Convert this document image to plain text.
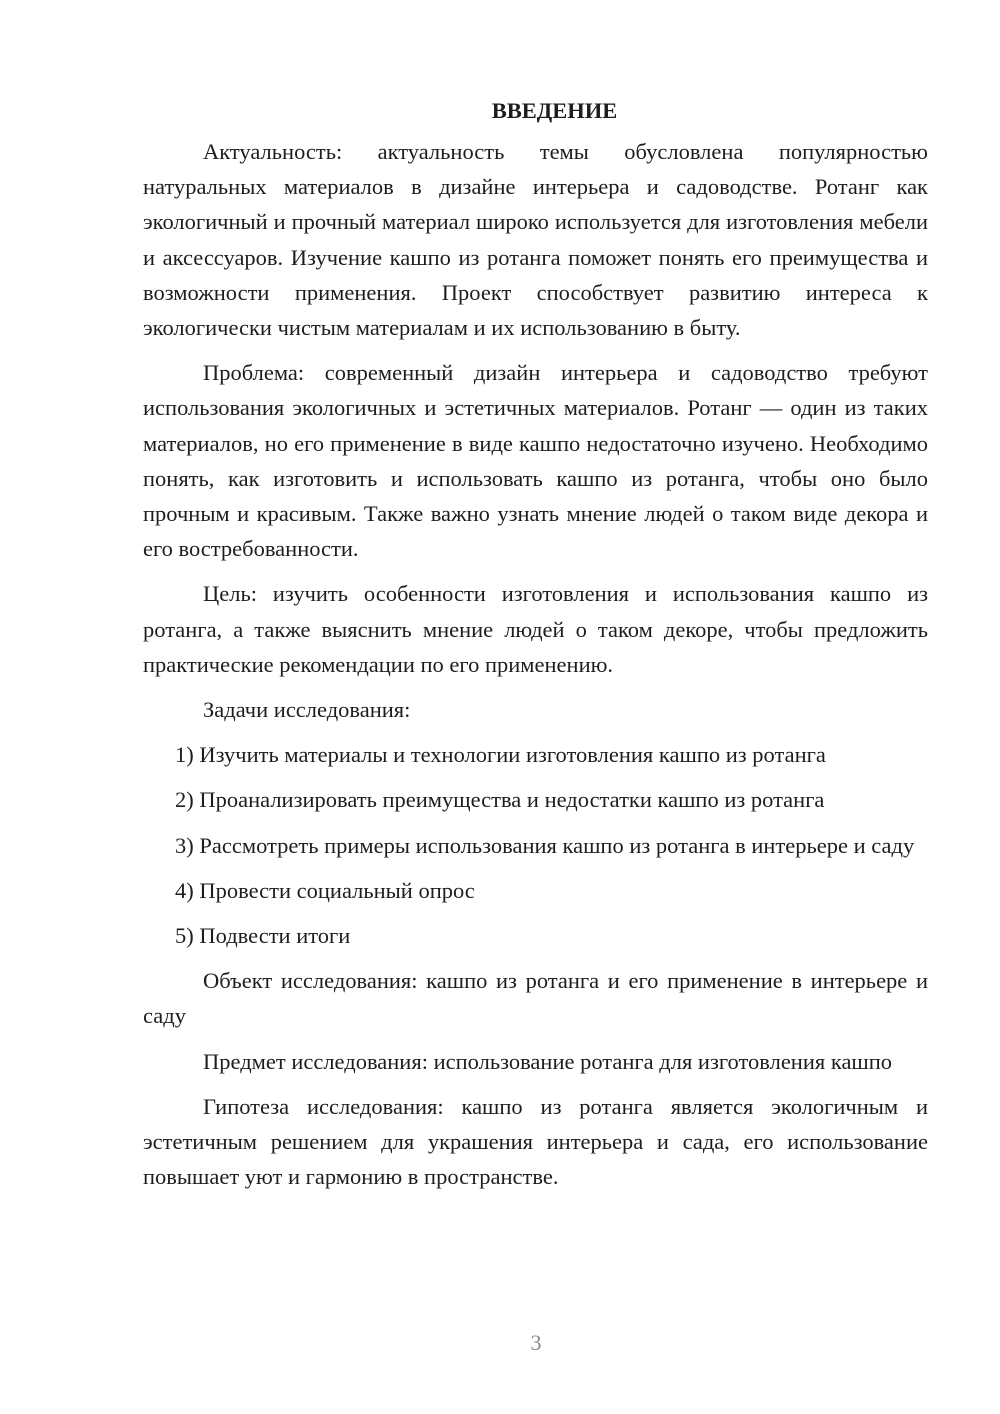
ВВЕДЕНИЕ

Актуальность: актуальность темы обусловлена популярностью натуральных материалов в дизайне интерьера и садоводстве. Ротанг как экологичный и прочный материал широко используется для изготовления мебели и аксессуаров. Изучение кашпо из ротанга поможет понять его преимущества и возможности применения. Проект способствует развитию интереса к экологически чистым материалам и их использованию в быту.

Проблема: современный дизайн интерьера и садоводство требуют использования экологичных и эстетичных материалов. Ротанг — один из таких материалов, но его применение в виде кашпо недостаточно изучено. Необходимо понять, как изготовить и использовать кашпо из ротанга, чтобы оно было прочным и красивым. Также важно узнать мнение людей о таком виде декора и его востребованности.

Цель: изучить особенности изготовления и использования кашпо из ротанга, а также выяснить мнение людей о таком декоре, чтобы предложить практические рекомендации по его применению.

Задачи исследования:

1) Изучить материалы и технологии изготовления кашпо из ротанга

2) Проанализировать преимущества и недостатки кашпо из ротанга

3) Рассмотреть примеры использования кашпо из ротанга в интерьере и саду

4) Провести социальный опрос

5) Подвести итоги

Объект исследования: кашпо из ротанга и его применение в интерьере и саду

Предмет исследования: использование ротанга для изготовления кашпо

Гипотеза исследования: кашпо из ротанга является экологичным и эстетичным решением для украшения интерьера и сада, его использование повышает уют и гармонию в пространстве.

3
